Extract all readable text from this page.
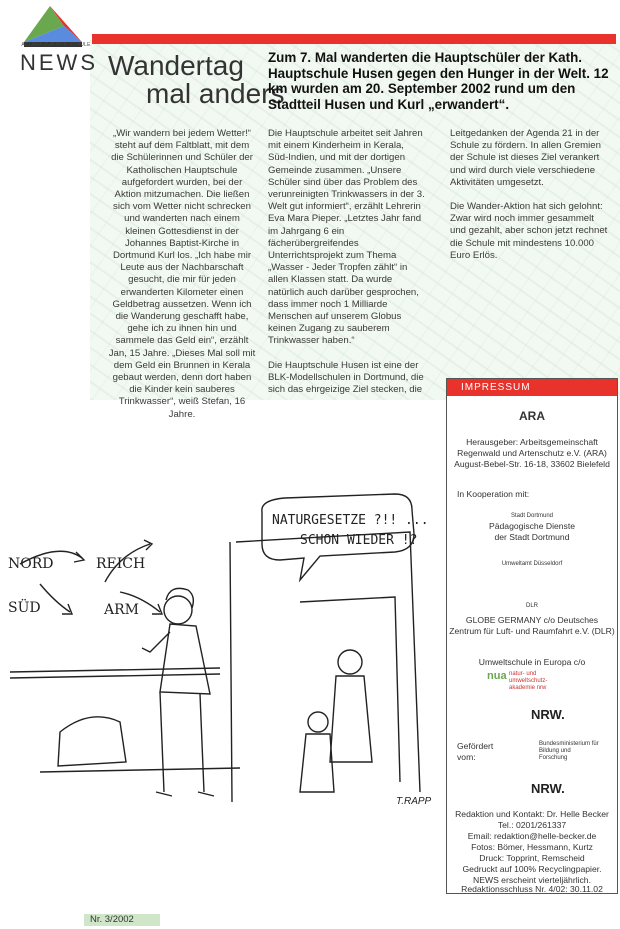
ACLARA ZUR PUR SCHULE
NEWS Wandertag
mal anders
Zum 7. Mal wanderten die Hauptschüler der Kath. Hauptschule Husen gegen den Hunger in der Welt. 12 km wurden am 20. September 2002 rund um den Stadtteil Husen und Kurl „erwandert“.

„Wir wandern bei jedem Wetter!“ steht auf dem Faltblatt, mit dem die Schülerinnen und Schüler der Katholischen Hauptschule aufgefordert wurden, bei der Aktion mitzumachen. Die ließen sich vom Wetter nicht schrecken und wanderten nach einem kleinen Gottesdienst in der Johannes Baptist-Kirche in Dortmund Kurl los. „Ich habe mir Leute aus der Nachbarschaft gesucht, die mir für jeden erwanderten Kilometer einen Geldbetrag aussetzen. Wenn ich die Wanderung geschafft habe, gehe ich zu ihnen hin und sammele das Geld ein“, erzählt Jan, 15 Jahre. „Dieses Mal soll mit dem Geld ein Brunnen in Kerala gebaut werden, denn dort haben die Kinder kein sauberes Trinkwasser“, weiß Stefan, 16 Jahre.

Die Hauptschule arbeitet seit Jahren mit einem Kinderheim in Kerala, Süd-Indien, und mit der dortigen Gemeinde zusammen. „Unsere Schüler sind über das Problem des verunreinigten Trinkwassers in der 3. Welt gut informiert“, erzählt Lehrerin Eva Mara Pieper. „Letztes Jahr fand im Jahrgang 6 ein fächerübergreifendes Unterrichtsprojekt zum Thema „Wasser - Jeder Tropfen zählt“ in allen Klassen statt. Da wurde natürlich auch darüber gesprochen, dass immer noch 1 Milliarde Menschen auf unserem Globus keinen Zugang zu sauberem Trinkwasser haben.“

Die Hauptschule Husen ist eine der BLK-Modellschulen in Dortmund, die sich das ehrgeizige Ziel stecken, die

Leitgedanken der Agenda 21 in der Schule zu fördern. In allen Gremien der Schule ist dieses Ziel verankert und wird durch viele verschiedene Aktivitäten umgesetzt.

Die Wander-Aktion hat sich gelohnt: Zwar wird noch immer gesammelt und gezahlt, aber schon jetzt rechnet die Schule mit mindestens 10.000 Euro Erlös.

NATURGESETZE ?!! ...
SCHON WIEDER !?
NORD
SÜD
REICH
ARM
T.RAPP
IMPRESSUM
ARA
Herausgeber: Arbeitsgemeinschaft
Regenwald und Artenschutz e.V. (ARA)
August-Bebel-Str. 16-18, 33602 Bielefeld
In Kooperation mit:
Stadt Dortmund
Pädagogische Dienste
der Stadt Dortmund
Umweltamt Düsseldorf
DLR
GLOBE GERMANY c/o Deutsches
Zentrum für Luft- und Raumfahrt e.V. (DLR)
Umweltschule in Europa c/o
nua natur- und umweltschutz-akademie nrw
NRW.
Gefördert
vom:
Bundesministerium für Bildung und Forschung
NRW.
Redaktion und Kontakt: Dr. Helle Becker
Tel.: 0201/261337
Email: redaktion@helle-becker.de
Fotos: Bömer, Hessmann, Kurtz
Druck: Topprint, Remscheid
Gedruckt auf 100% Recyclingpapier.
NEWS erscheint vierteljährlich.
Redaktionsschluss Nr. 4/02: 30.11.02
Nr. 3/2002
